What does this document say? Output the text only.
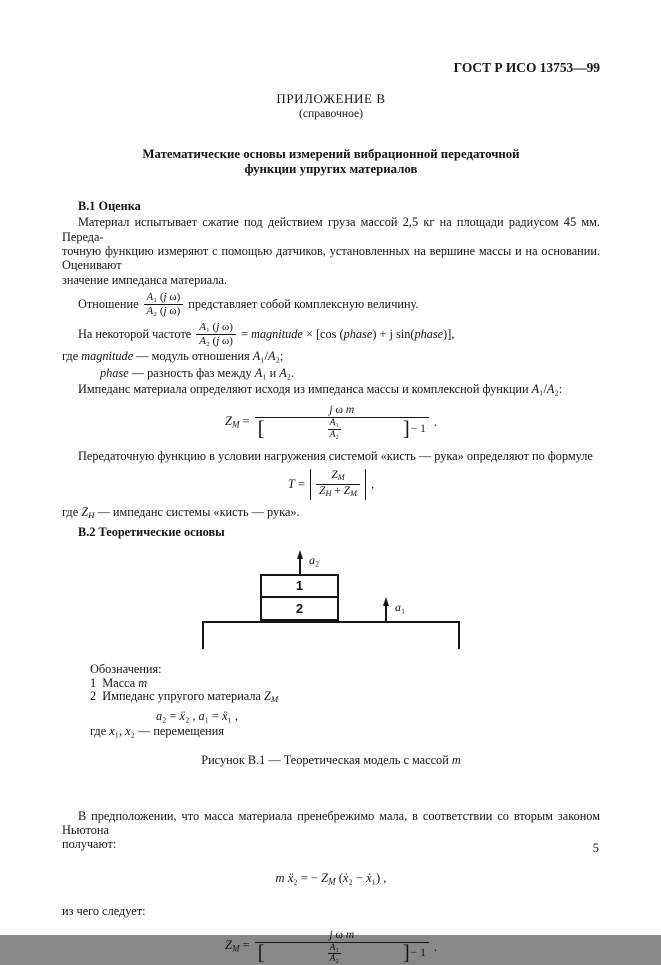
ГОСТ Р ИСО 13753—99
ПРИЛОЖЕНИЕ В
(справочное)
Математические основы измерений вибрационной передаточной
функции упругих материалов
В.1 Оценка
Материал испытывает сжатие под действием груза массой 2,5 кг на площади радиусом 45 мм. Переда-
точную функцию измеряют с помощью датчиков, установленных на вершине массы и на основании. Оценивают
значение импеданса материала.
Отношение $\frac{\text{A₁ (j ω)}}{\text{A₂ (j ω)}}$ представляет собой комплексную величину.
На некоторой частоте $\frac{\text{A₁ (j ω)}}{\text{A₂ (j ω)}}$ = magnitude × [cos (phase) + j sin(phase)],
где magnitude — модуль отношения A₁/A₂;
phase — разность фаз между A₁ и A₂.
Импеданс материала определяют исходя из импеданса массы и комплексной функции A₁/A₂:
$Z_M$ =
j ω m
[ $\frac{\text{A₁}}{\text{A₂}}$ ] − 1 .
Передаточную функцию в условии нагружения системой «кисть — рука» определяют по формуле
$T = \frac{Z_M}{Z_H + Z_M}$ ,
где $Z_H$ — импеданс системы «кисть — рука».
В.2 Теоретические основы
a₂
1
2	a₁
Обозначения:
1  Масса m
2  Импеданс упругого материала $Z_M$
a₂ = ẍ₂ , a₁ = ẍ₁ ,
где x₁, x₂ — перемещения
Рисунок В.1 — Теоретическая модель с массой m
В предположении, что масса материала пренебрежимо мала, в соответствии со вторым законом Ньютона
получают:
m ẍ₂ = − $Z_M$ (ẋ₂ − ẋ₁) ,
из чего следует:
$Z_M$ =
j ω m
[ $\frac{\text{A₁}}{\text{A₂}}$ ] − 1 .
5
